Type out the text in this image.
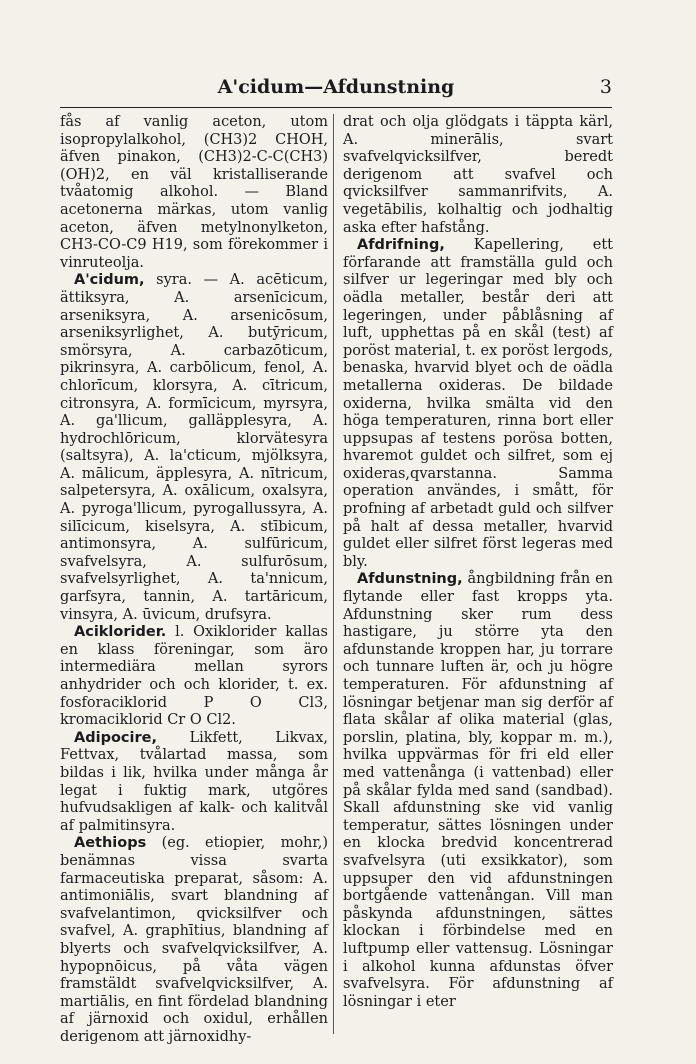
A'cidum—Afdunstning	3

fås af vanlig aceton, utom isopropylalkohol, (CH3)2 CHOH, äfven pinakon, (CH3)2-C-C(CH3)(OH)2, en väl kristalliserande tvåatomig alkohol. — Bland acetonerna märkas, utom vanlig aceton, äfven metylnonylketon, CH3-CO-C9 H19, som förekommer i vinruteolja.

A'cidum, syra. — A. acēticum, ättiksyra, A. arsenīcicum, arseniksyra, A. arsenicōsum, arseniksyrlighet, A. butȳricum, smörsyra, A. carbazōticum, pikrinsyra, A. carbōlicum, fenol, A. chlorīcum, klorsyra, A. cītricum, citronsyra, A. formīcicum, myrsyra, A. ga'llicum, galläpplesyra, A. hydrochlōricum, klorvätesyra (saltsyra), A. la'cticum, mjölksyra, A. mālicum, äpplesyra, A. nītricum, salpetersyra, A. oxālicum, oxalsyra, A. pyroga'llicum, pyrogallussyra, A. silīcicum, kiselsyra, A. stībicum, antimonsyra, A. sulfūricum, svafvelsyra, A. sulfurōsum, svafvelsyrlighet, A. ta'nnicum, garfsyra, tannin, A. tartāricum, vinsyra, A. ūvicum, drufsyra.

Aciklorider. l. Oxiklorider kallas en klass föreningar, som äro intermediära mellan syrors anhydrider och och klorider, t. ex. fosforaciklorid P O Cl3, kromaciklorid Cr O Cl2.

Adipocire, Likfett, Likvax, Fettvax, tvålartad massa, som bildas i lik, hvilka under många år legat i fuktig mark, utgöres hufvudsakligen af kalk- och kalitvål af palmitinsyra.

Aethiops (eg. etiopier, mohr,) benämnas vissa svarta farmaceutiska preparat, såsom: A. antimoniālis, svart blandning af svafvelantimon, qvicksilfver och svafvel, A. graphītius, blandning af blyerts och svafvelqvicksilfver, A. hypopnōicus, på våta vägen framstäldt svafvelqvicksilfver, A. martiālis, en fint fördelad blandning af järnoxid och oxidul, erhållen derigenom att järnoxidhy-

drat och olja glödgats i täppta kärl, A. minerālis, svart svafvelqvicksilfver, beredt derigenom att svafvel och qvicksilfver sammanrifvits, A. vegetābilis, kolhaltig och jodhaltig aska efter hafstång.

Afdrifning, Kapellering, ett förfarande att framställa guld och silfver ur legeringar med bly och oädla metaller, består deri att legeringen, under påblåsning af luft, upphettas på en skål (test) af poröst material, t. ex poröst lergods, benaska, hvarvid blyet och de oädla metallerna oxideras. De bildade oxiderna, hvilka smälta vid den höga temperaturen, rinna bort eller uppsupas af testens porösa botten, hvaremot guldet och silfret, som ej oxideras,qvarstanna. Samma operation användes, i smått, för profning af arbetadt guld och silfver på halt af dessa metaller, hvarvid guldet eller silfret först legeras med bly.

Afdunstning, ångbildning från en flytande eller fast kropps yta. Afdunstning sker rum dess hastigare, ju större yta den afdunstande kroppen har, ju torrare och tunnare luften är, och ju högre temperaturen. För afdunstning af lösningar betjenar man sig derför af flata skålar af olika material (glas, porslin, platina, bly, koppar m. m.), hvilka uppvärmas för fri eld eller med vattenånga (i vattenbad) eller på skålar fylda med sand (sandbad). Skall afdunstning ske vid vanlig temperatur, sättes lösningen under en klocka bredvid koncentrerad svafvelsyra (uti exsikkator), som uppsuper den vid afdunstningen bortgående vattenångan. Vill man påskynda afdunstningen, sättes klockan i förbindelse med en luftpump eller vattensug. Lösningar i alkohol kunna afdunstas öfver svafvelsyra. För afdunstning af lösningar i eter
